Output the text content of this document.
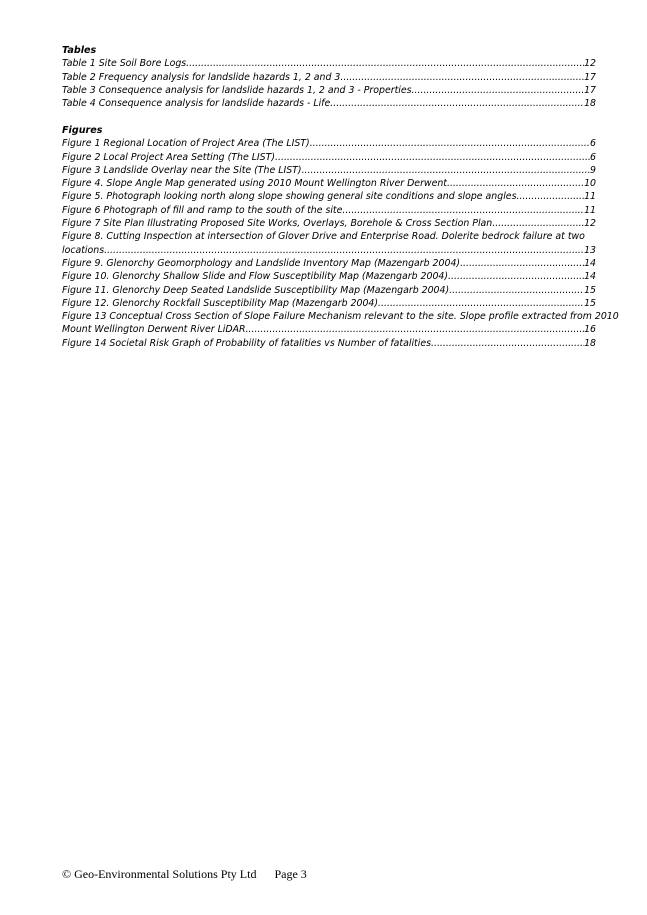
Tables
Table 1 Site Soil Bore Logs .....	12
Table 2 Frequency analysis for landslide hazards 1, 2 and 3 .....	17
Table 3 Consequence analysis for landslide hazards 1, 2 and 3 - Properties .....	17
Table 4 Consequence analysis for landslide hazards - Life .....	18
Figures
Figure 1 Regional Location of Project Area (The LIST) .....	6
Figure 2 Local Project Area Setting (The LIST) .....	6
Figure 3 Landslide Overlay near the Site (The LIST) .....	9
Figure 4. Slope Angle Map generated using 2010 Mount Wellington River Derwent .....	10
Figure 5. Photograph looking north along slope showing general site conditions and slope angles. .....	11
Figure 6 Photograph of fill and ramp to the south of the site. .....	11
Figure 7 Site Plan Illustrating Proposed Site Works, Overlays, Borehole & Cross Section Plan .....	12
Figure 8. Cutting Inspection at intersection of Glover Drive and Enterprise Road. Dolerite bedrock failure at two
locations .....	13
Figure 9. Glenorchy Geomorphology and Landslide Inventory Map (Mazengarb 2004) .....	14
Figure 10. Glenorchy Shallow Slide and Flow Susceptibility Map (Mazengarb 2004) .....	14
Figure 11. Glenorchy Deep Seated Landslide Susceptibility Map (Mazengarb 2004) .....	15
Figure 12. Glenorchy Rockfall Susceptibility Map (Mazengarb 2004) .....	15
Figure 13 Conceptual Cross Section of Slope Failure Mechanism relevant to the site. Slope profile extracted from 2010
Mount Wellington Derwent River LiDAR .....	16
Figure 14 Societal Risk Graph of Probability of fatalities vs Number of fatalities .....	18
© Geo-Environmental Solutions Pty Ltd Page 3
